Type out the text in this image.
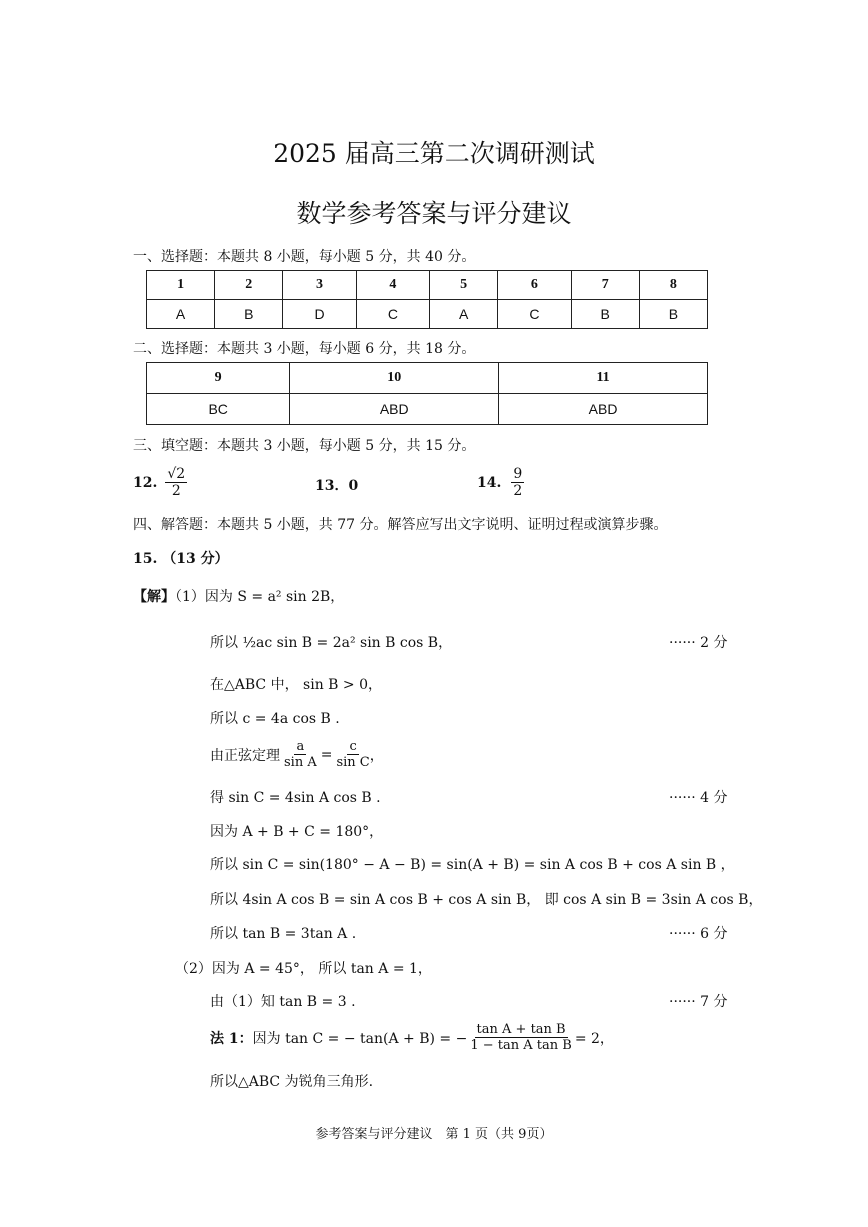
2025 届高三第二次调研测试
数学参考答案与评分建议
一、选择题：本题共 8 小题，每小题 5 分，共 40 分。
1	2	3	4	5	6	7	8
A	B	D	C	A	C	B	B
二、选择题：本题共 3 小题，每小题 6 分，共 18 分。
9	10	11
BC	ABD	ABD
三、填空题：本题共 3 小题，每小题 5 分，共 15 分。
12. $\frac{√2}{2}$	13．0	14. $\frac{9}{2}$
四、解答题：本题共 5 小题，共 77 分。解答应写出文字说明、证明过程或演算步骤。
15. （13 分）
【解】（1）因为 S = a² sin 2B，
所以 ½ac sin B = 2a² sin B cos B，	······ 2 分
在△ABC 中， sin B > 0，
所以 c = 4a cos B .
由正弦定理 $\frac{a}{\text{sin A}} = \frac{c}{\text{sin C}}$ ，
得 sin C = 4sin A cos B .	······ 4 分
因为 A + B + C = 180°，
所以 sin C = sin(180° − A − B) = sin(A + B) = sin A cos B + cos A sin B ，
所以 4sin A cos B = sin A cos B + cos A sin B， 即 cos A sin B = 3sin A cos B，
所以 tan B = 3tan A .	······ 6 分
（2）因为 A = 45°， 所以 tan A = 1，
由（1）知 tan B = 3 .	······ 7 分
法 1： 因为 tan C = − tan(A + B) = − $\frac{\text{tan A + tan B}}{\text{1 − tan A tan B}} = 2$，
所以△ABC 为锐角三角形.
参考答案与评分建议　第 1 页（共 9页）
